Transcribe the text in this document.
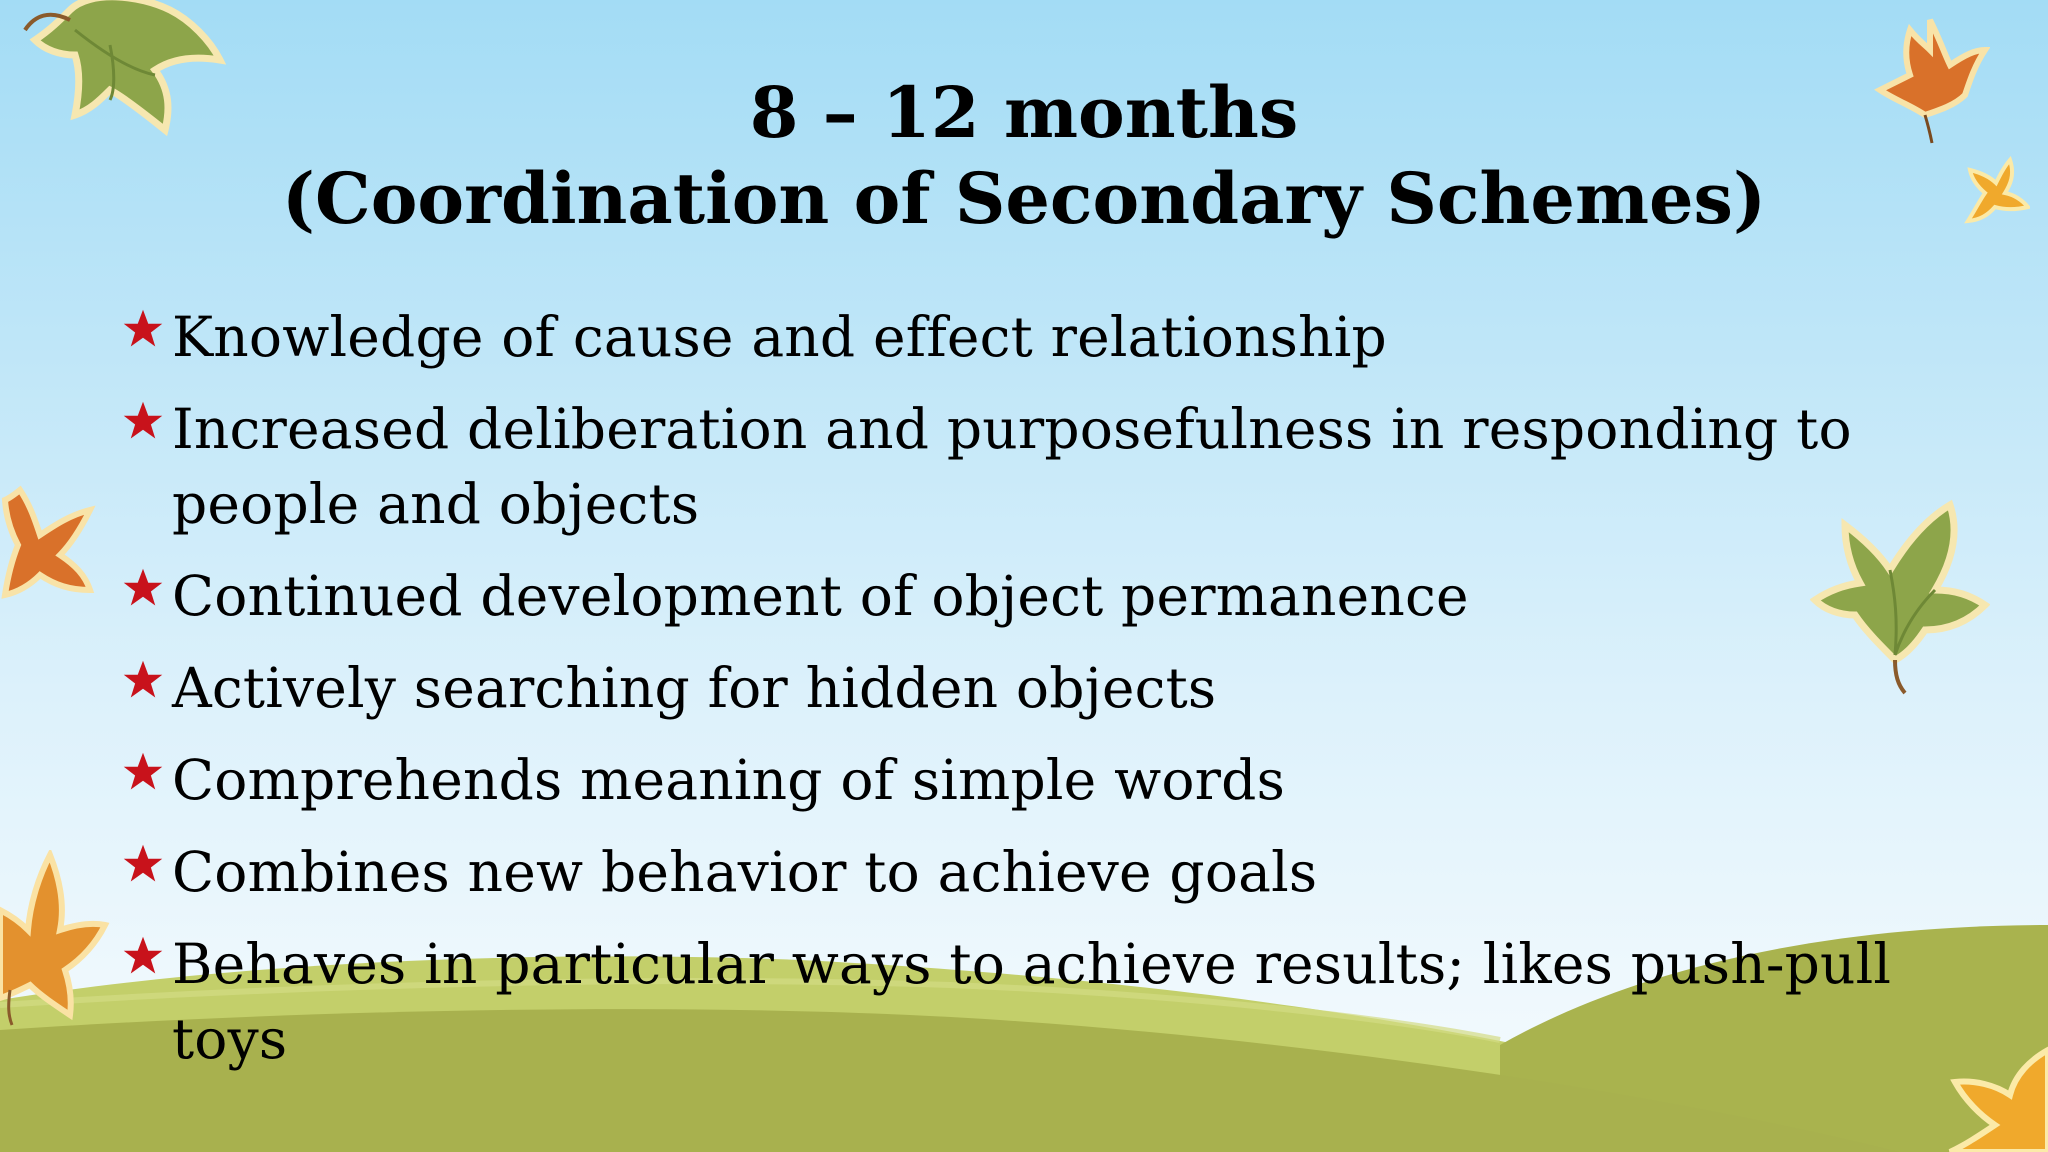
8 – 12 months
(Coordination of Secondary Schemes)
Knowledge of cause and effect relationship
Increased deliberation and purposefulness in responding to people and objects
Continued development of object permanence
Actively searching for hidden objects
Comprehends meaning of simple words
Combines new behavior to achieve goals
Behaves in particular ways to achieve results; likes push-pull toys
